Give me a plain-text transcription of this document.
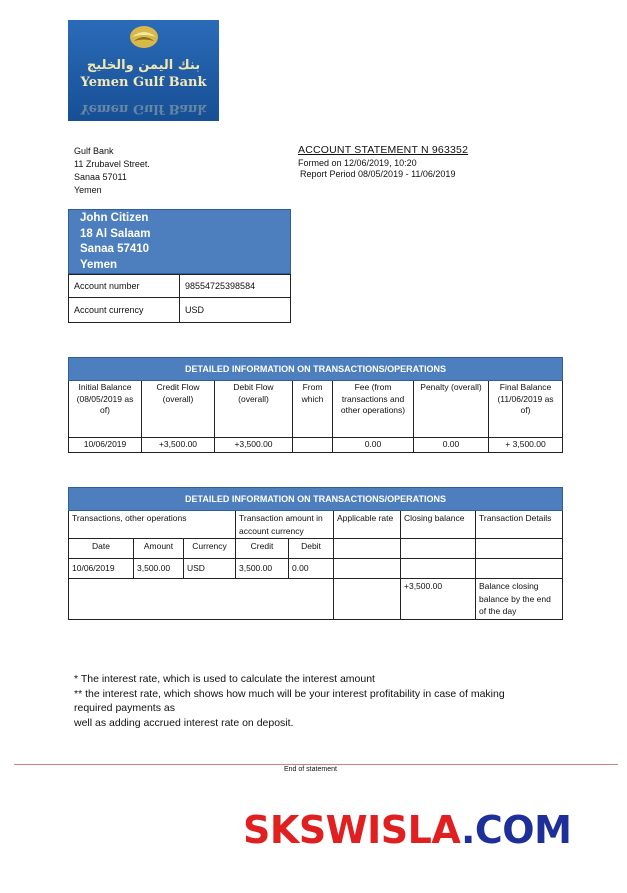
بنك اليمن والخليج
Yemen Gulf Bank
Yemen Gulf Bank
Gulf Bank
11 Zrubavel Street.
Sanaa 57011
Yemen
ACCOUNT STATEMENT N 963352
Formed on 12/06/2019, 10:20
Report Period 08/05/2019 - 11/06/2019
John Citizen
18 Al Salaam
Sanaa 57410
Yemen
Account number	98554725398584
Account currency	USD
DETAILED INFORMATION ON TRANSACTIONS/OPERATIONS						
Initial Balance (08/05/2019 as of)	Credit Flow (overall)	Debit Flow (overall)	From which	Fee (from transactions and other operations)	Penalty (overall)	Final Balance (11/06/2019 as of)
10/06/2019	+3,500.00	+3,500.00		0.00	0.00	+ 3,500.00
DETAILED INFORMATION ON TRANSACTIONS/OPERATIONS							
Transactions, other operations			Transaction amount in account currency		Applicable rate	Closing balance	Transaction Details
Date	Amount	Currency	Credit	Debit			
10/06/2019	3,500.00	USD	3,500.00	0.00			
						+3,500.00	Balance closing balance by the end of the day
* The interest rate, which is used to calculate the interest amount
** the interest rate, which shows how much will be your interest profitability in case of making required payments as
well as adding accrued interest rate on deposit.
End of statement
SKSWISLA.COM
